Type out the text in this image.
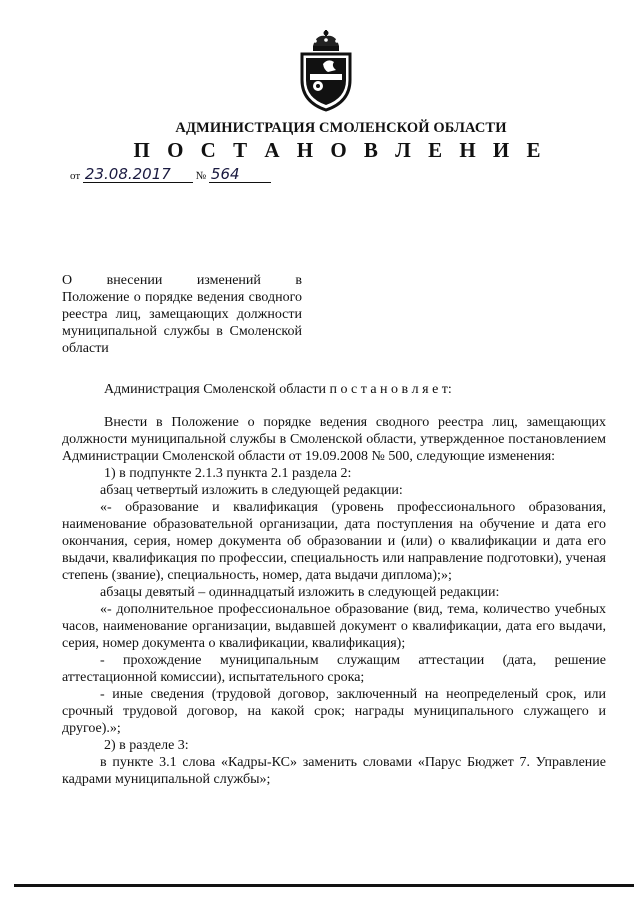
АДМИНИСТРАЦИЯ СМОЛЕНСКОЙ ОБЛАСТИ
П О С Т А Н О В Л Е Н И Е
от 23.08.2017 № 564
О внесении изменений в
Положение о порядке ведения сводного реестра лиц, замещающих должности муниципальной службы в Смоленской области
Администрация Смоленской области п о с т а н о в л я е т:

Внести в Положение о порядке ведения сводного реестра лиц, замещающих должности муниципальной службы в Смоленской области, утвержденное постановлением Администрации Смоленской области от 19.09.2008 № 500, следующие изменения:

1) в подпункте 2.1.3 пункта 2.1 раздела 2:

абзац четвертый изложить в следующей редакции:

«- образование и квалификация (уровень профессионального образования, наименование образовательной организации, дата поступления на обучение и дата его окончания, серия, номер документа об образовании и (или) о квалификации и дата его выдачи, квалификация по профессии, специальность или направление подготовки), ученая степень (звание), специальность, номер, дата выдачи диплома);»;

абзацы девятый – одиннадцатый изложить в следующей редакции:

«- дополнительное профессиональное образование (вид, тема, количество учебных часов, наименование организации, выдавшей документ о квалификации, дата его выдачи, серия, номер документа о квалификации, квалификация);

- прохождение муниципальным служащим аттестации (дата, решение аттестационной комиссии), испытательного срока;

- иные сведения (трудовой договор, заключенный на неопределеный срок, или срочный трудовой договор, на какой срок; награды муниципального служащего и другое).»;

2) в разделе 3:

в пункте 3.1 слова «Кадры-КС» заменить словами «Парус Бюджет 7. Управление кадрами муниципальной службы»;
